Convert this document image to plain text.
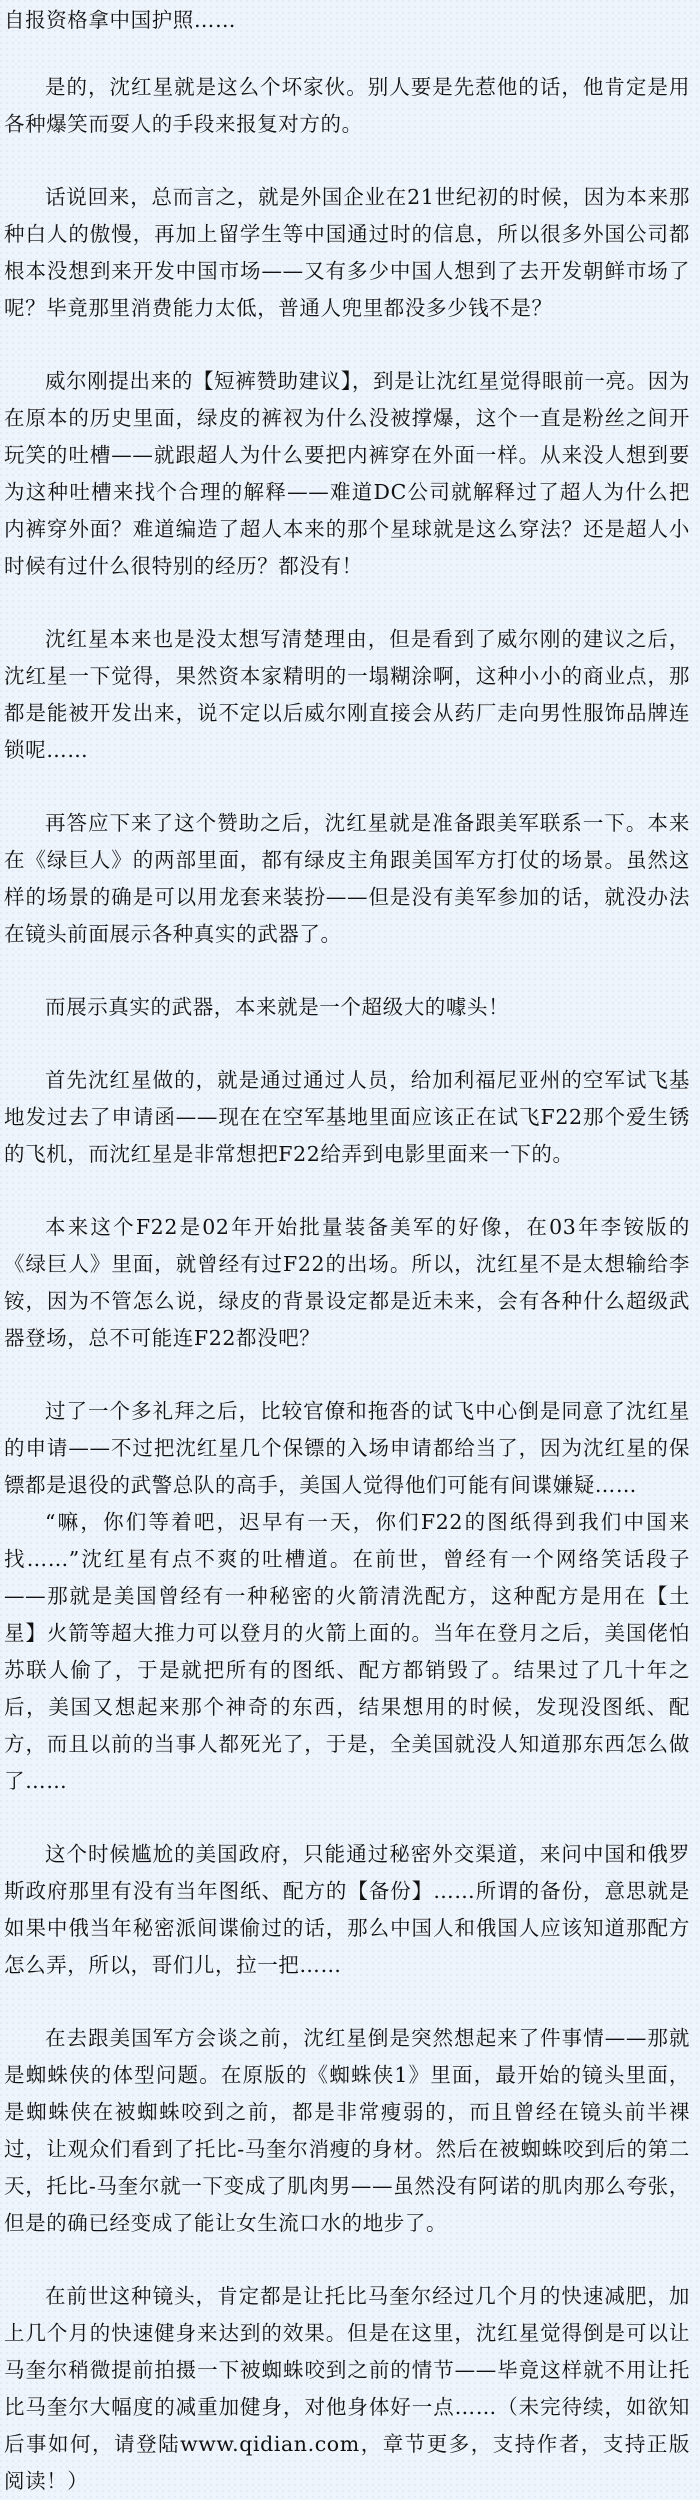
自报资格拿中国护照……

是的，沈红星就是这么个坏家伙。别人要是先惹他的话，他肯定是用各种爆笑而耍人的手段来报复对方的。

话说回来，总而言之，就是外国企业在21世纪初的时候，因为本来那种白人的傲慢，再加上留学生等中国通过时的信息，所以很多外国公司都根本没想到来开发中国市场——又有多少中国人想到了去开发朝鲜市场了呢？毕竟那里消费能力太低，普通人兜里都没多少钱不是？

威尔刚提出来的【短裤赞助建议】，到是让沈红星觉得眼前一亮。因为在原本的历史里面，绿皮的裤衩为什么没被撑爆，这个一直是粉丝之间开玩笑的吐槽——就跟超人为什么要把内裤穿在外面一样。从来没人想到要为这种吐槽来找个合理的解释——难道DC公司就解释过了超人为什么把内裤穿外面？难道编造了超人本来的那个星球就是这么穿法？还是超人小时候有过什么很特别的经历？都没有！

沈红星本来也是没太想写清楚理由，但是看到了威尔刚的建议之后，沈红星一下觉得，果然资本家精明的一塌糊涂啊，这种小小的商业点，那都是能被开发出来，说不定以后威尔刚直接会从药厂走向男性服饰品牌连锁呢……

再答应下来了这个赞助之后，沈红星就是准备跟美军联系一下。本来在《绿巨人》的两部里面，都有绿皮主角跟美国军方打仗的场景。虽然这样的场景的确是可以用龙套来装扮——但是没有美军参加的话，就没办法在镜头前面展示各种真实的武器了。

而展示真实的武器，本来就是一个超级大的噱头！

首先沈红星做的，就是通过通过人员，给加利福尼亚州的空军试飞基地发过去了申请函——现在在空军基地里面应该正在试飞F22那个爱生锈的飞机，而沈红星是非常想把F22给弄到电影里面来一下的。

本来这个F22是02年开始批量装备美军的好像，在03年李铵版的《绿巨人》里面，就曾经有过F22的出场。所以，沈红星不是太想输给李铵，因为不管怎么说，绿皮的背景设定都是近未来，会有各种什么超级武器登场，总不可能连F22都没吧？

过了一个多礼拜之后，比较官僚和拖沓的试飞中心倒是同意了沈红星的申请——不过把沈红星几个保镖的入场申请都给当了，因为沈红星的保镖都是退役的武警总队的高手，美国人觉得他们可能有间谍嫌疑……

“嘛，你们等着吧，迟早有一天，你们F22的图纸得到我们中国来找……”沈红星有点不爽的吐槽道。在前世，曾经有一个网络笑话段子——那就是美国曾经有一种秘密的火箭清洗配方，这种配方是用在【土星】火箭等超大推力可以登月的火箭上面的。当年在登月之后，美国佬怕苏联人偷了，于是就把所有的图纸、配方都销毁了。结果过了几十年之后，美国又想起来那个神奇的东西，结果想用的时候，发现没图纸、配方，而且以前的当事人都死光了，于是，全美国就没人知道那东西怎么做了……

这个时候尴尬的美国政府，只能通过秘密外交渠道，来问中国和俄罗斯政府那里有没有当年图纸、配方的【备份】……所谓的备份，意思就是如果中俄当年秘密派间谍偷过的话，那么中国人和俄国人应该知道那配方怎么弄，所以，哥们儿，拉一把……

在去跟美国军方会谈之前，沈红星倒是突然想起来了件事情——那就是蜘蛛侠的体型问题。在原版的《蜘蛛侠1》里面，最开始的镜头里面，是蜘蛛侠在被蜘蛛咬到之前，都是非常瘦弱的，而且曾经在镜头前半裸过，让观众们看到了托比-马奎尔消瘦的身材。然后在被蜘蛛咬到后的第二天，托比-马奎尔就一下变成了肌肉男——虽然没有阿诺的肌肉那么夸张，但是的确已经变成了能让女生流口水的地步了。

在前世这种镜头，肯定都是让托比马奎尔经过几个月的快速减肥，加上几个月的快速健身来达到的效果。但是在这里，沈红星觉得倒是可以让马奎尔稍微提前拍摄一下被蜘蛛咬到之前的情节——毕竟这样就不用让托比马奎尔大幅度的减重加健身，对他身体好一点……（未完待续，如欲知后事如何，请登陆www.qidian.com，章节更多，支持作者，支持正版阅读！）
